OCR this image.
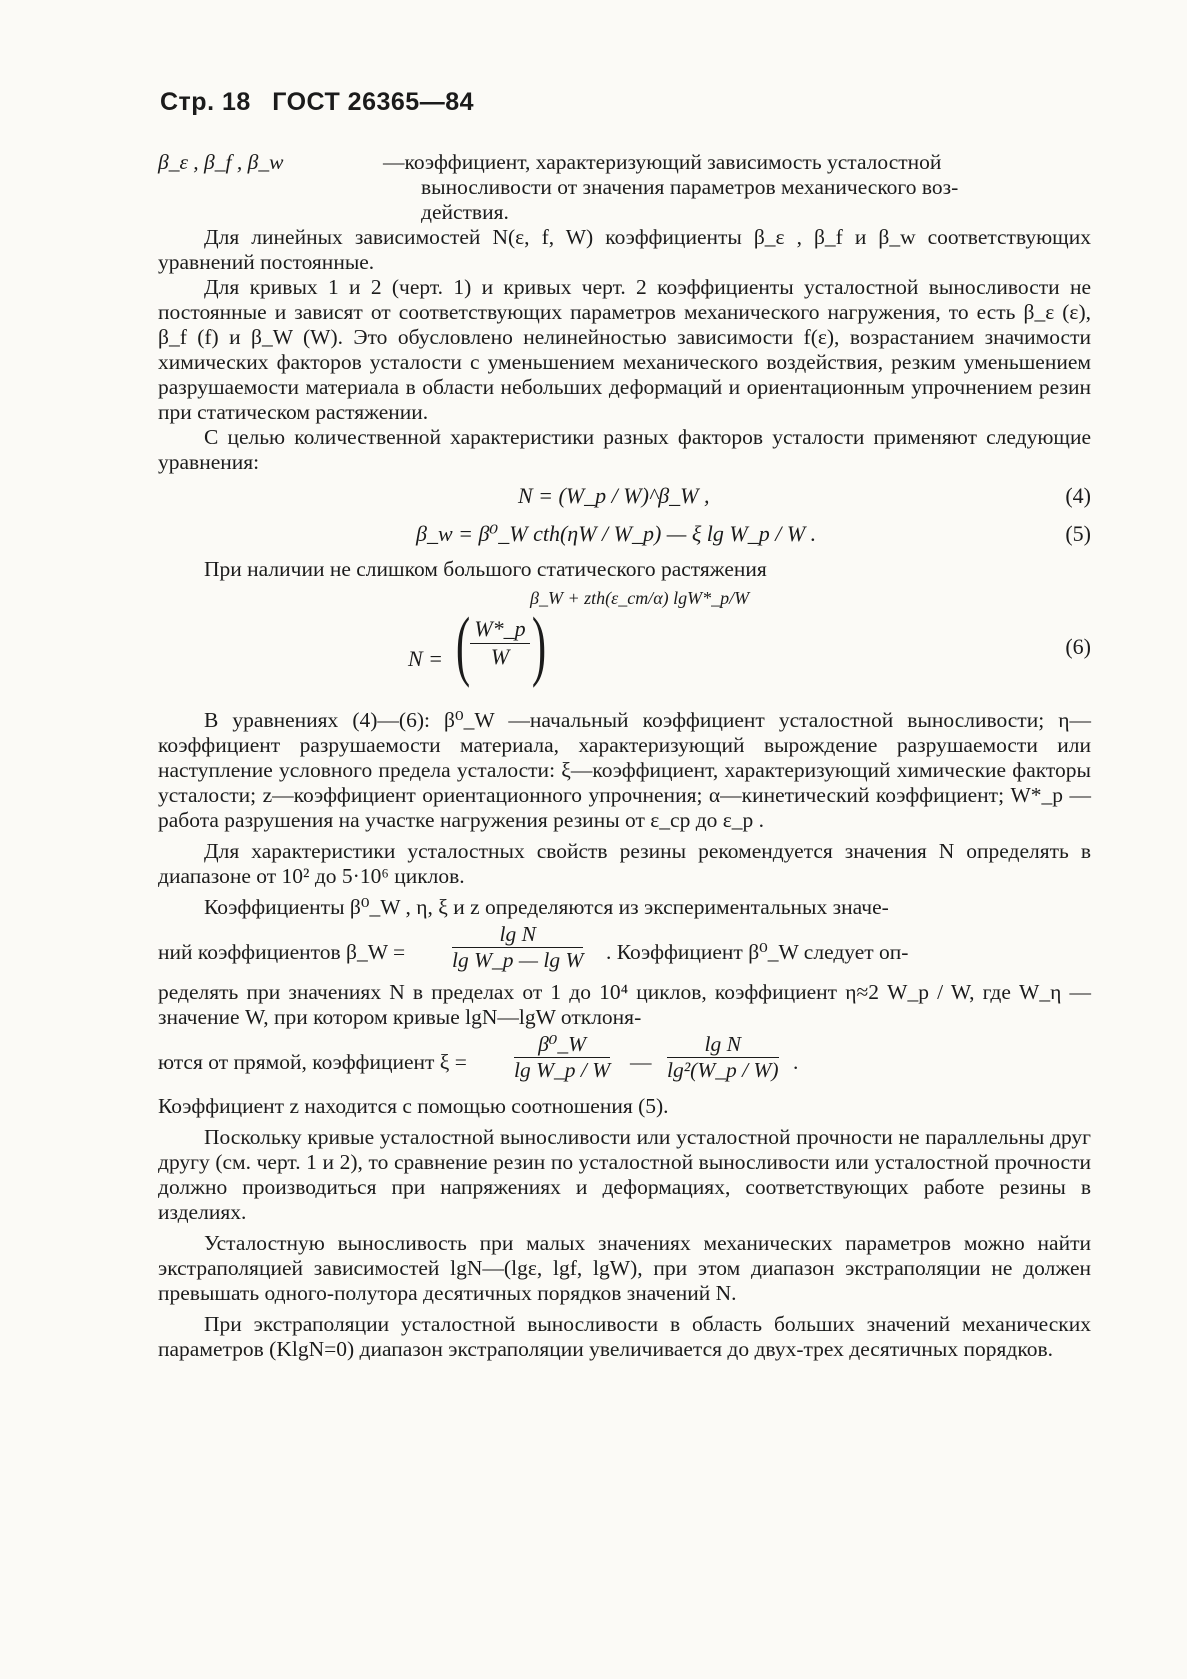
Стр. 18 ГОСТ 26365—84
β_ε , β_f , β_w	—коэффициент, характеризующий зависимость усталостной
выносливости от значения параметров механического воз-
действия.

Для линейных зависимостей N(ε, f, W) коэффициенты β_ε , β_f и β_w соответствующих уравнений постоянные.

Для кривых 1 и 2 (черт. 1) и кривых черт. 2 коэффициенты усталостной выносливости не постоянные и зависят от соответствующих параметров механического нагружения, то есть β_ε (ε), β_f (f) и β_W (W). Это обусловлено нелинейностью зависимости f(ε), возрастанием значимости химических факторов усталости с уменьшением механического воздействия, резким уменьшением разрушаемости материала в области небольших деформаций и ориентационным упрочнением резин при статическом растяжении.

С целью количественной характеристики разных факторов усталости применяют следующие уравнения:

N = (W_p / W)^β_W ,	(4)
β_w = β⁰_W cth(ηW / W_p) — ξ lg W_p / W .	(5)

При наличии не слишком большого статического растяжения

β_W + zth(ε_ст/α) lgW*_p/W
N = ( $\frac{W*\_p}{W}$ )	(6)

В уравнениях (4)—(6): β⁰_W —начальный коэффициент усталостной выносливости; η—коэффициент разрушаемости материала, характеризующий вырождение разрушаемости или наступление условного предела усталости: ξ—коэффициент, характеризующий химические факторы усталости; z—коэффициент ориентационного упрочнения; α—кинетический коэффициент; W*_p —работа разрушения на участке нагружения резины от ε_ср до ε_p .

Для характеристики усталостных свойств резины рекомендуется значения N определять в диапазоне от 10² до 5·10⁶ циклов.

Коэффициенты β⁰_W , η, ξ и z определяются из экспериментальных значе-

ний коэффициентов β_W = $\frac{\text{lg N}}{\text{lg W\_p — lg W}}$ . Коэффициент β⁰_W следует оп-

ределять при значениях N в пределах от 1 до 10⁴ циклов, коэффициент η≈2 W_p / W, где W_η —значение W, при котором кривые lgN—lgW отклоня-

ются от прямой, коэффициент $\xi = \frac{\text{β⁰\_W}}{\text{lg W\_p / W}}$ — $\frac{\text{lg N}}{\text{lg²(W\_p / W)}}$ .

Коэффициент z находится с помощью соотношения (5).

Поскольку кривые усталостной выносливости или усталостной прочности не параллельны друг другу (см. черт. 1 и 2), то сравнение резин по усталостной выносливости или усталостной прочности должно производиться при напряжениях и деформациях, соответствующих работе резины в изделиях.

Усталостную выносливость при малых значениях механических параметров можно найти экстраполяцией зависимостей lgN—(lgε, lgf, lgW), при этом диапазон экстраполяции не должен превышать одного-полутора десятичных порядков значений N.

При экстраполяции усталостной выносливости в область больших значений механических параметров (KlgN=0) диапазон экстраполяции увеличивается до двух-трех десятичных порядков.
